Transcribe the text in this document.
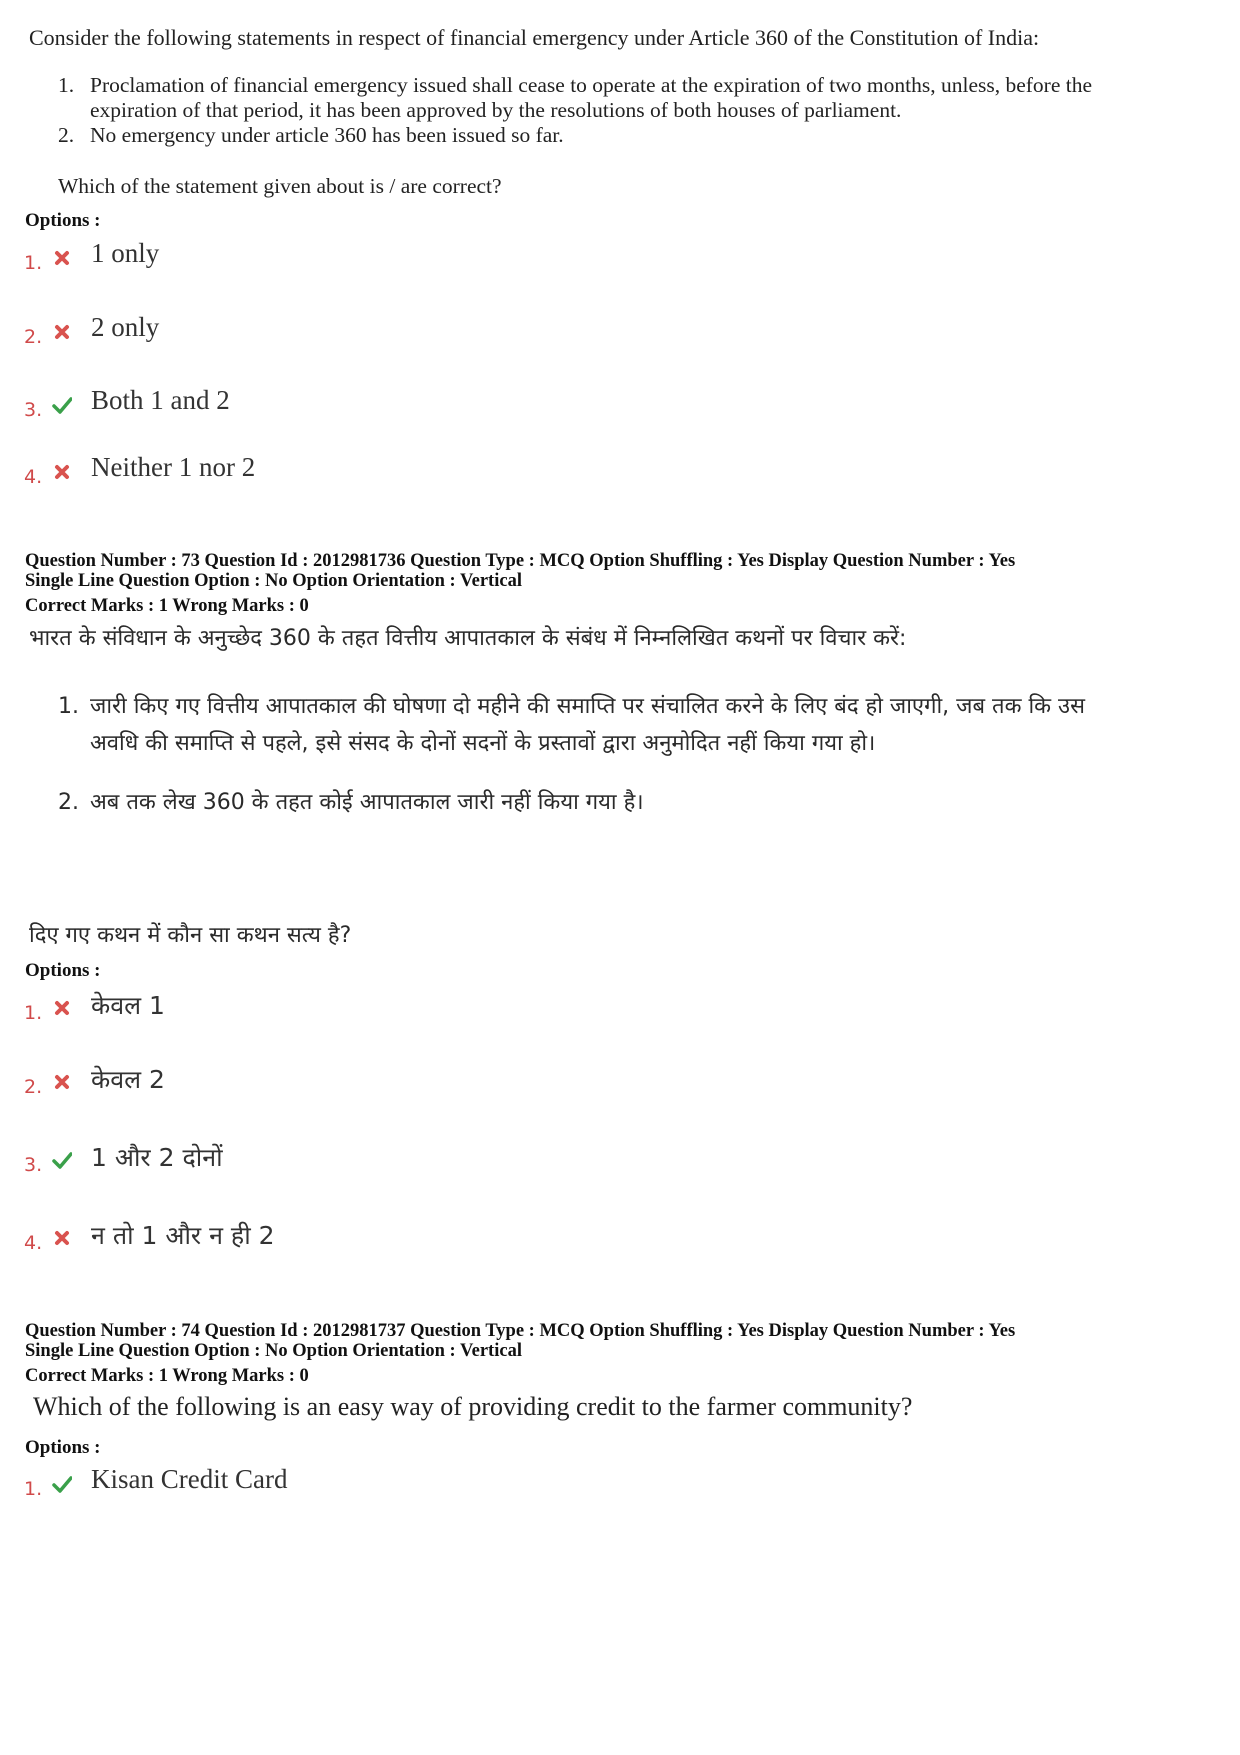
Consider the following statements in respect of financial emergency under Article 360 of the Constitution of India:

1. Proclamation of financial emergency issued shall cease to operate at the expiration of two months, unless, before the expiration of that period, it has been approved by the resolutions of both houses of parliament.
2. No emergency under article 360 has been issued so far.

Which of the statement given about is / are correct?

Options :
1. 1 only
2. 2 only
3. Both 1 and 2
4. Neither 1 nor 2
Question Number : 73 Question Id : 2012981736 Question Type : MCQ Option Shuffling : Yes Display Question Number : Yes
Single Line Question Option : No Option Orientation : Vertical
Correct Marks : 1 Wrong Marks : 0
भारत के संविधान के अनुच्छेद 360 के तहत वित्तीय आपातकाल के संबंध में निम्नलिखित कथनों पर विचार करें:
1. जारी किए गए वित्तीय आपातकाल की घोषणा दो महीने की समाप्ति पर संचालित करने के लिए बंद हो जाएगी, जब तक कि उस अवधि की समाप्ति से पहले, इसे संसद के दोनों सदनों के प्रस्तावों द्वारा अनुमोदित नहीं किया गया हो।
2. अब तक लेख 360 के तहत कोई आपातकाल जारी नहीं किया गया है।
दिए गए कथन में कौन सा कथन सत्य है?
Options :
1. केवल 1
2. केवल 2
3. 1 और 2 दोनों
4. न तो 1 और न ही 2
Question Number : 74 Question Id : 2012981737 Question Type : MCQ Option Shuffling : Yes Display Question Number : Yes
Single Line Question Option : No Option Orientation : Vertical
Correct Marks : 1 Wrong Marks : 0

Which of the following is an easy way of providing credit to the farmer community?

Options :
1. Kisan Credit Card
